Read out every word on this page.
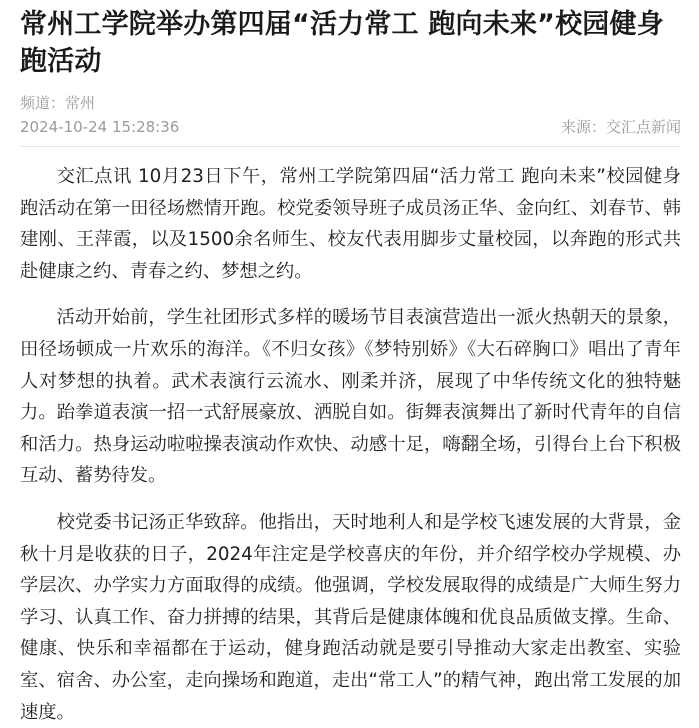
常州工学院举办第四届“活力常工 跑向未来”校园健身跑活动
频道：常州
2024-10-24 15:28:36	来源：交汇点新闻

交汇点讯 10月23日下午，常州工学院第四届“活力常工 跑向未来”校园健身跑活动在第一田径场燃情开跑。校党委领导班子成员汤正华、金向红、刘春节、韩建刚、王萍霞，以及1500余名师生、校友代表用脚步丈量校园，以奔跑的形式共赴健康之约、青春之约、梦想之约。

活动开始前，学生社团形式多样的暖场节目表演营造出一派火热朝天的景象，田径场顿成一片欢乐的海洋。《不归女孩》《梦特别娇》《大石碎胸口》唱出了青年人对梦想的执着。武术表演行云流水、刚柔并济，展现了中华传统文化的独特魅力。跆拳道表演一招一式舒展豪放、洒脱自如。街舞表演舞出了新时代青年的自信和活力。热身运动啦啦操表演动作欢快、动感十足，嗨翻全场，引得台上台下积极互动、蓄势待发。

校党委书记汤正华致辞。他指出，天时地利人和是学校飞速发展的大背景，金秋十月是收获的日子，2024年注定是学校喜庆的年份，并介绍学校办学规模、办学层次、办学实力方面取得的成绩。他强调，学校发展取得的成绩是广大师生努力学习、认真工作、奋力拼搏的结果，其背后是健康体魄和优良品质做支撑。生命、健康、快乐和幸福都在于运动，健身跑活动就是要引导推动大家走出教室、实验室、宿舍、办公室，走向操场和跑道，走出“常工人”的精气神，跑出常工发展的加速度。
